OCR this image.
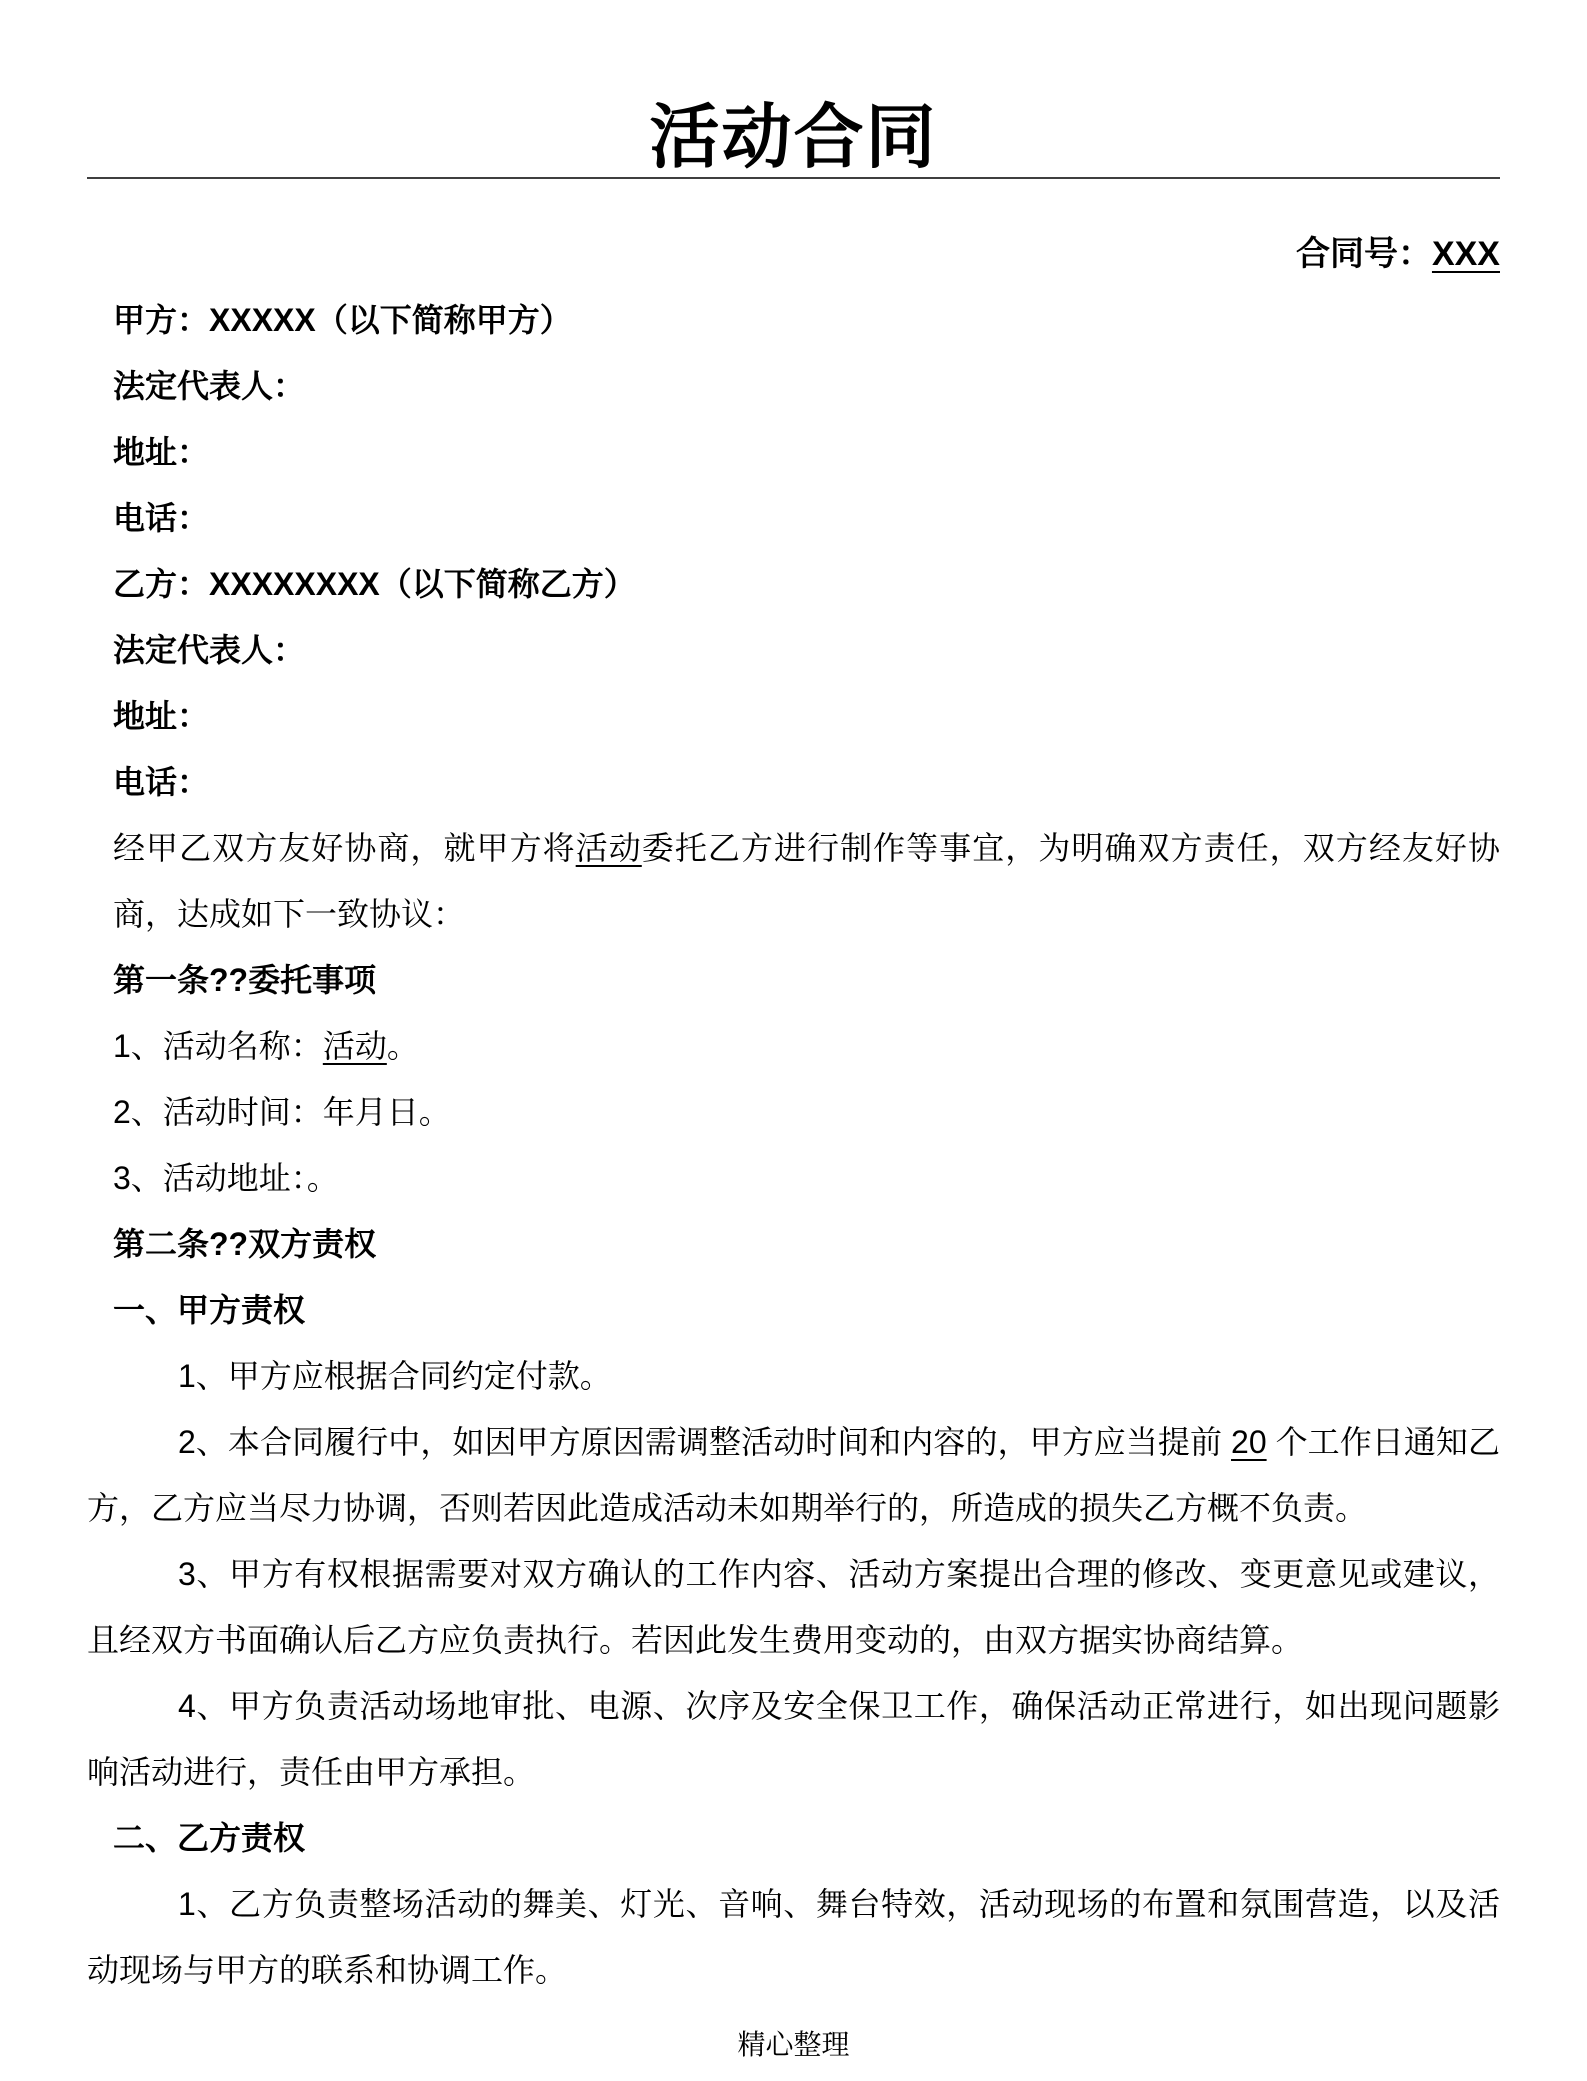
活动合同
合同号：XXX

甲方：XXXXX（以下简称甲方）

法定代表人：

地址：

电话：

乙方：XXXXXXXX（以下简称乙方）

法定代表人：

地址：

电话：

经甲乙双方友好协商，就甲方将活动委托乙方进行制作等事宜，为明确双方责任，双方经友好协商，达成如下一致协议：

第一条??委托事项

1、活动名称：活动。

2、活动时间：年月日。

3、活动地址：。

第二条??双方责权

一、甲方责权

1、甲方应根据合同约定付款。

2、本合同履行中，如因甲方原因需调整活动时间和内容的，甲方应当提前 20 个工作日通知乙方，乙方应当尽力协调，否则若因此造成活动未如期举行的，所造成的损失乙方概不负责。

3、甲方有权根据需要对双方确认的工作内容、活动方案提出合理的修改、变更意见或建议，且经双方书面确认后乙方应负责执行。若因此发生费用变动的，由双方据实协商结算。

4、甲方负责活动场地审批、电源、次序及安全保卫工作，确保活动正常进行，如出现问题影响活动进行，责任由甲方承担。

二、乙方责权

1、乙方负责整场活动的舞美、灯光、音响、舞台特效，活动现场的布置和氛围营造，以及活动现场与甲方的联系和协调工作。

精心整理
